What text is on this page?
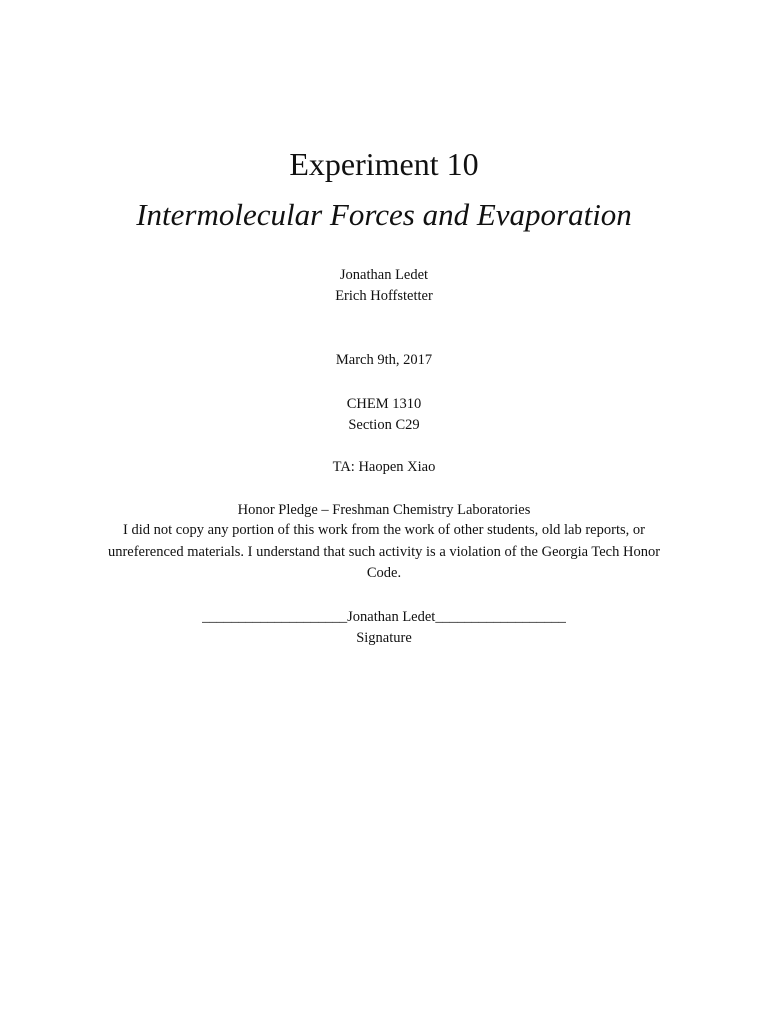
Experiment 10
Intermolecular Forces and Evaporation

Jonathan Ledet

Erich Hoffstetter

March 9th, 2017

CHEM 1310

Section C29

TA: Haopen Xiao

Honor Pledge – Freshman Chemistry Laboratories

I did not copy any portion of this work from the work of other students, old lab reports, or unreferenced materials. I understand that such activity is a violation of the Georgia Tech Honor Code.

____________________Jonathan Ledet__________________

Signature
